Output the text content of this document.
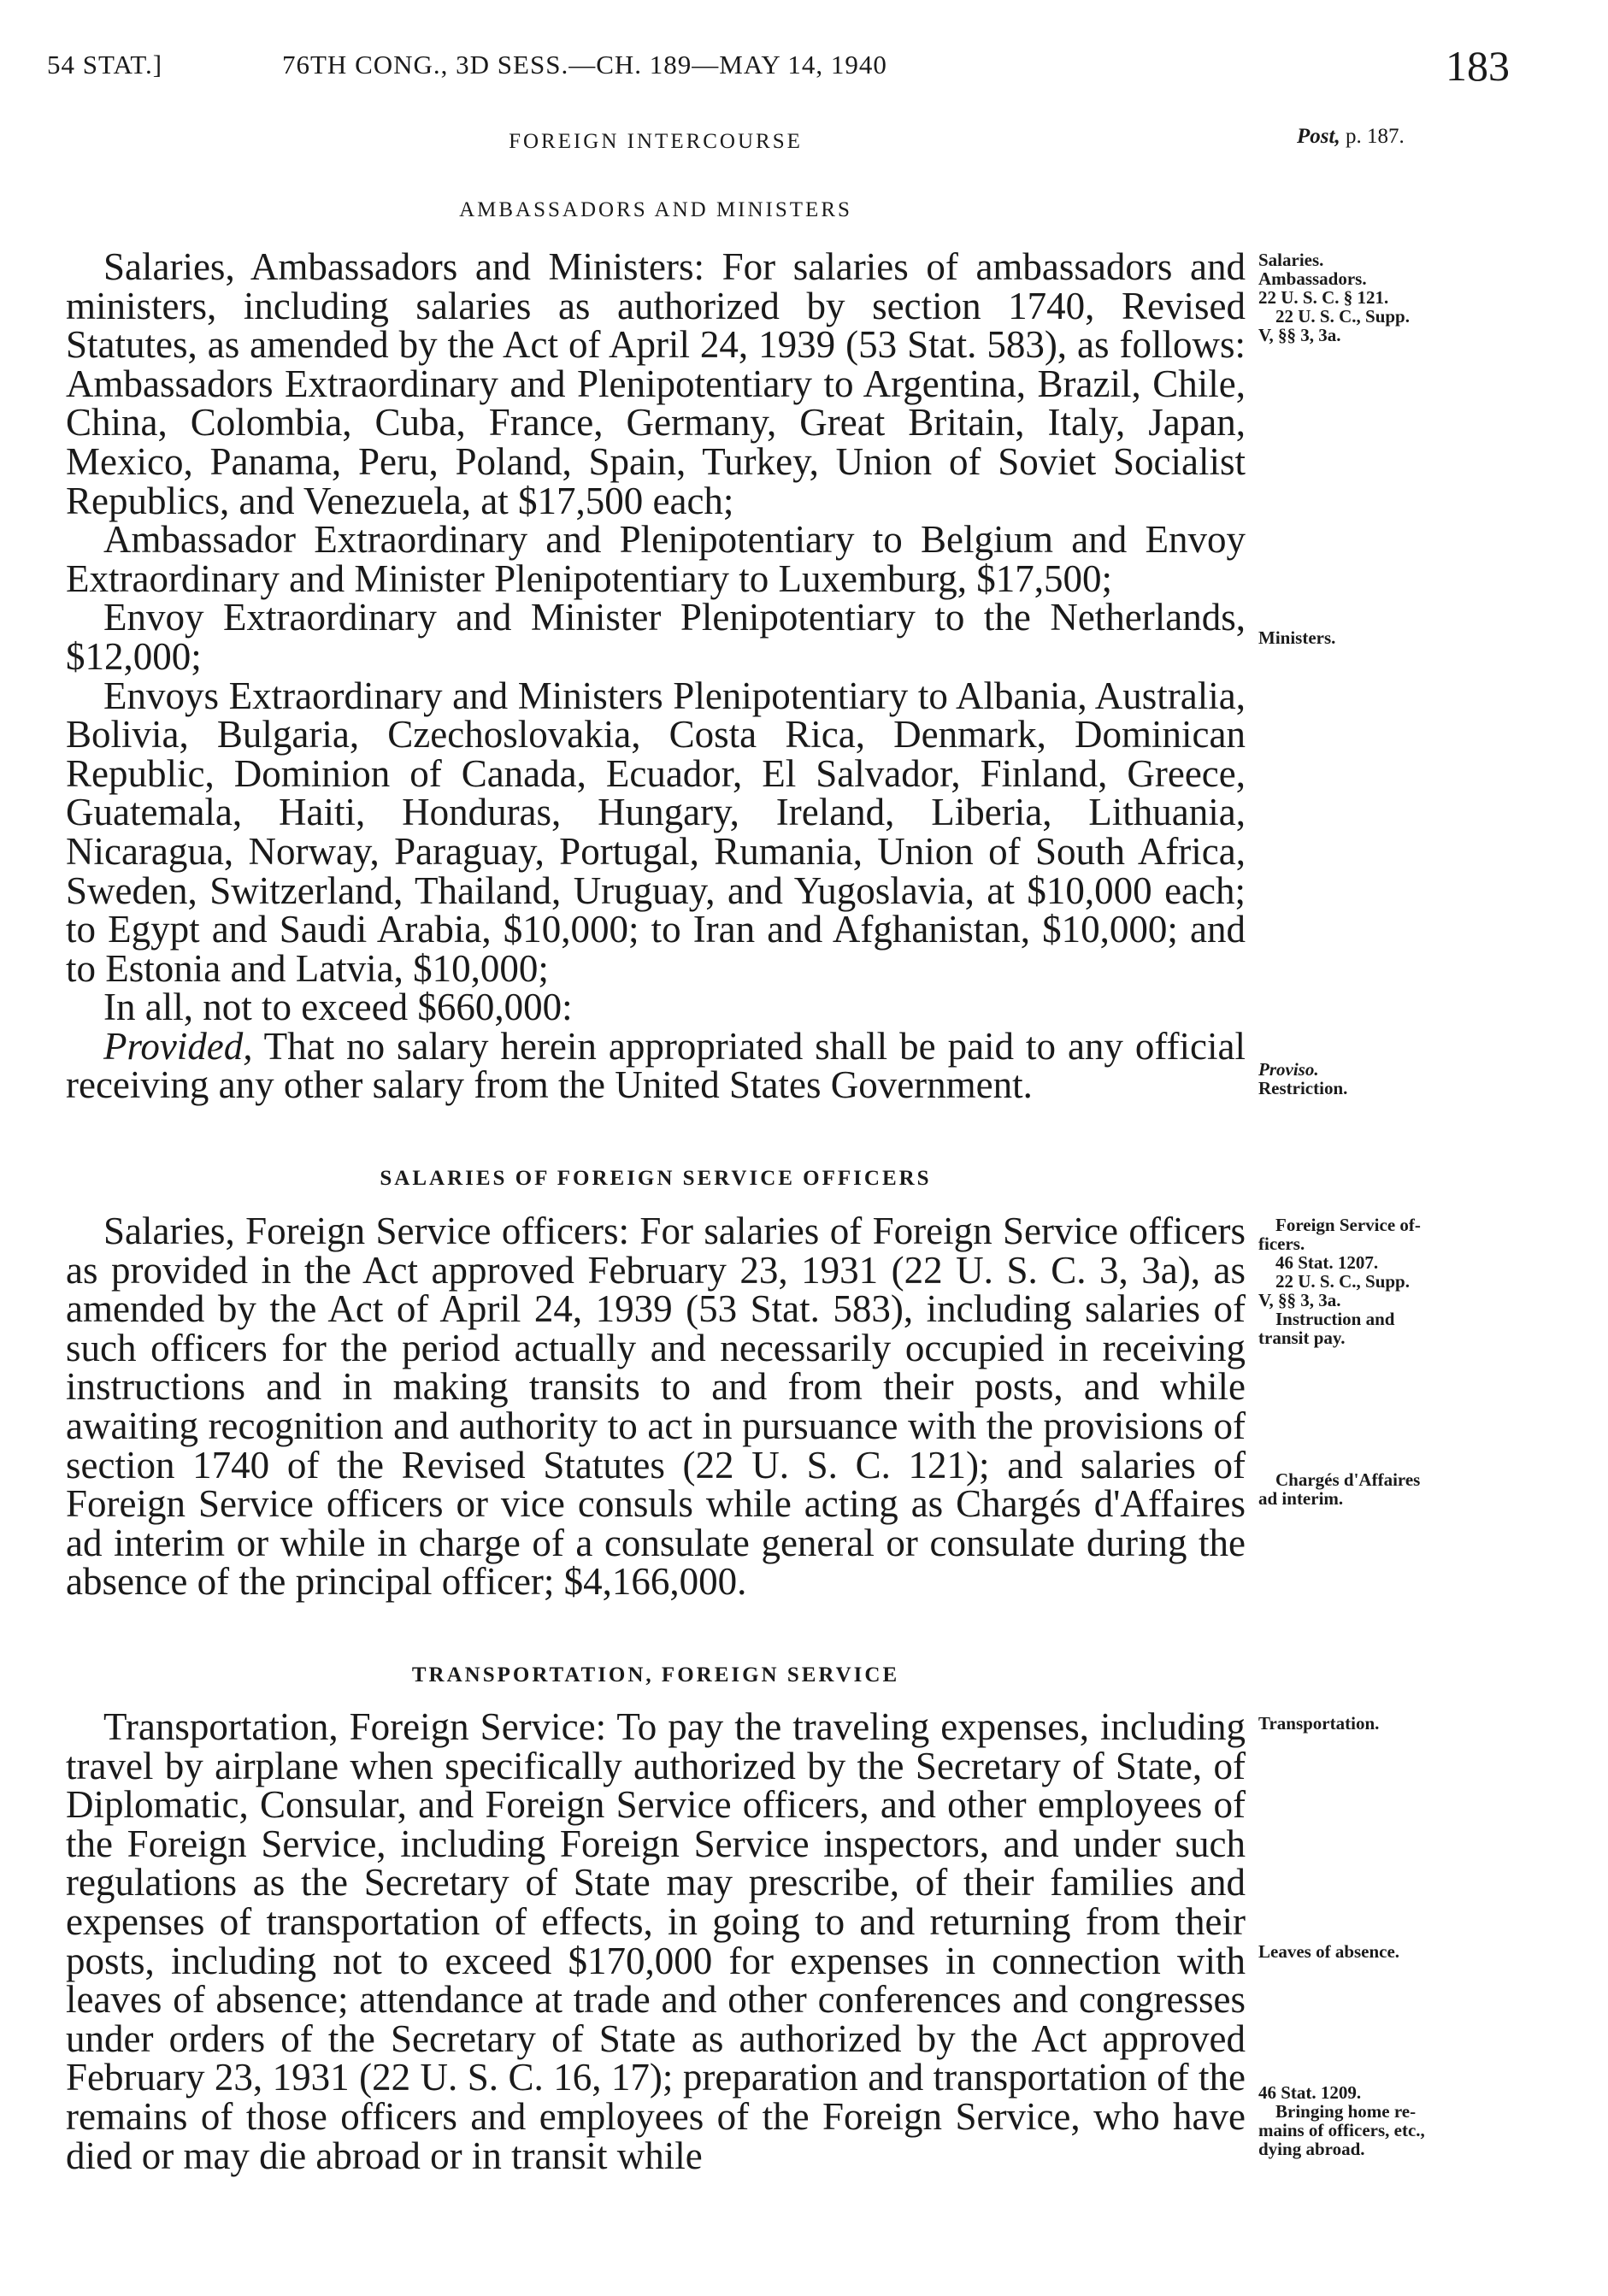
54 STAT.]	76TH CONG., 3D SESS.—CH. 189—MAY 14, 1940	183
Post, p. 187.
FOREIGN INTERCOURSE
AMBASSADORS AND MINISTERS

Salaries, Ambassadors and Ministers: For salaries of ambassadors and ministers, including salaries as authorized by section 1740, Revised Statutes, as amended by the Act of April 24, 1939 (53 Stat. 583), as follows: Ambassadors Extraordinary and Plenipotentiary to Argentina, Brazil, Chile, China, Colombia, Cuba, France, Germany, Great Britain, Italy, Japan, Mexico, Panama, Peru, Poland, Spain, Turkey, Union of Soviet Socialist Republics, and Venezuela, at $17,500 each;

Ambassador Extraordinary and Plenipotentiary to Belgium and Envoy Extraordinary and Minister Plenipotentiary to Luxemburg, $17,500;

Envoy Extraordinary and Minister Plenipotentiary to the Netherlands, $12,000;

Envoys Extraordinary and Ministers Plenipotentiary to Albania, Australia, Bolivia, Bulgaria, Czechoslovakia, Costa Rica, Denmark, Dominican Republic, Dominion of Canada, Ecuador, El Salvador, Finland, Greece, Guatemala, Haiti, Honduras, Hungary, Ireland, Liberia, Lithuania, Nicaragua, Norway, Paraguay, Portugal, Rumania, Union of South Africa, Sweden, Switzerland, Thailand, Uruguay, and Yugoslavia, at $10,000 each; to Egypt and Saudi Arabia, $10,000; to Iran and Afghanistan, $10,000; and to Estonia and Latvia, $10,000;

In all, not to exceed $660,000:

Provided, That no salary herein appropriated shall be paid to any official receiving any other salary from the United States Government.

SALARIES OF FOREIGN SERVICE OFFICERS

Salaries, Foreign Service officers: For salaries of Foreign Service officers as provided in the Act approved February 23, 1931 (22 U. S. C. 3, 3a), as amended by the Act of April 24, 1939 (53 Stat. 583), including salaries of such officers for the period actually and necessarily occupied in receiving instructions and in making transits to and from their posts, and while awaiting recognition and authority to act in pursuance with the provisions of section 1740 of the Revised Statutes (22 U. S. C. 121); and salaries of Foreign Service officers or vice consuls while acting as Chargés d'Affaires ad interim or while in charge of a consulate general or consulate during the absence of the principal officer; $4,166,000.

TRANSPORTATION, FOREIGN SERVICE

Transportation, Foreign Service: To pay the traveling expenses, including travel by airplane when specifically authorized by the Secretary of State, of Diplomatic, Consular, and Foreign Service officers, and other employees of the Foreign Service, including Foreign Service inspectors, and under such regulations as the Secretary of State may prescribe, of their families and expenses of transportation of effects, in going to and returning from their posts, including not to exceed $170,000 for expenses in connection with leaves of absence; attendance at trade and other conferences and congresses under orders of the Secretary of State as authorized by the Act approved February 23, 1931 (22 U. S. C. 16, 17); preparation and transportation of the remains of those officers and employees of the Foreign Service, who have died or may die abroad or in transit while

Salaries.
Ambassadors.
22 U. S. C. § 121.
22 U. S. C., Supp.
V, §§ 3, 3a.
Ministers.
Proviso.
Restriction.
Foreign Service of-
ficers.
46 Stat. 1207.
22 U. S. C., Supp.
V, §§ 3, 3a.
Instruction and
transit pay.
Chargés d'Affaires
ad interim.
Transportation.
Leaves of absence.
46 Stat. 1209.
Bringing home re-
mains of officers, etc.,
dying abroad.
